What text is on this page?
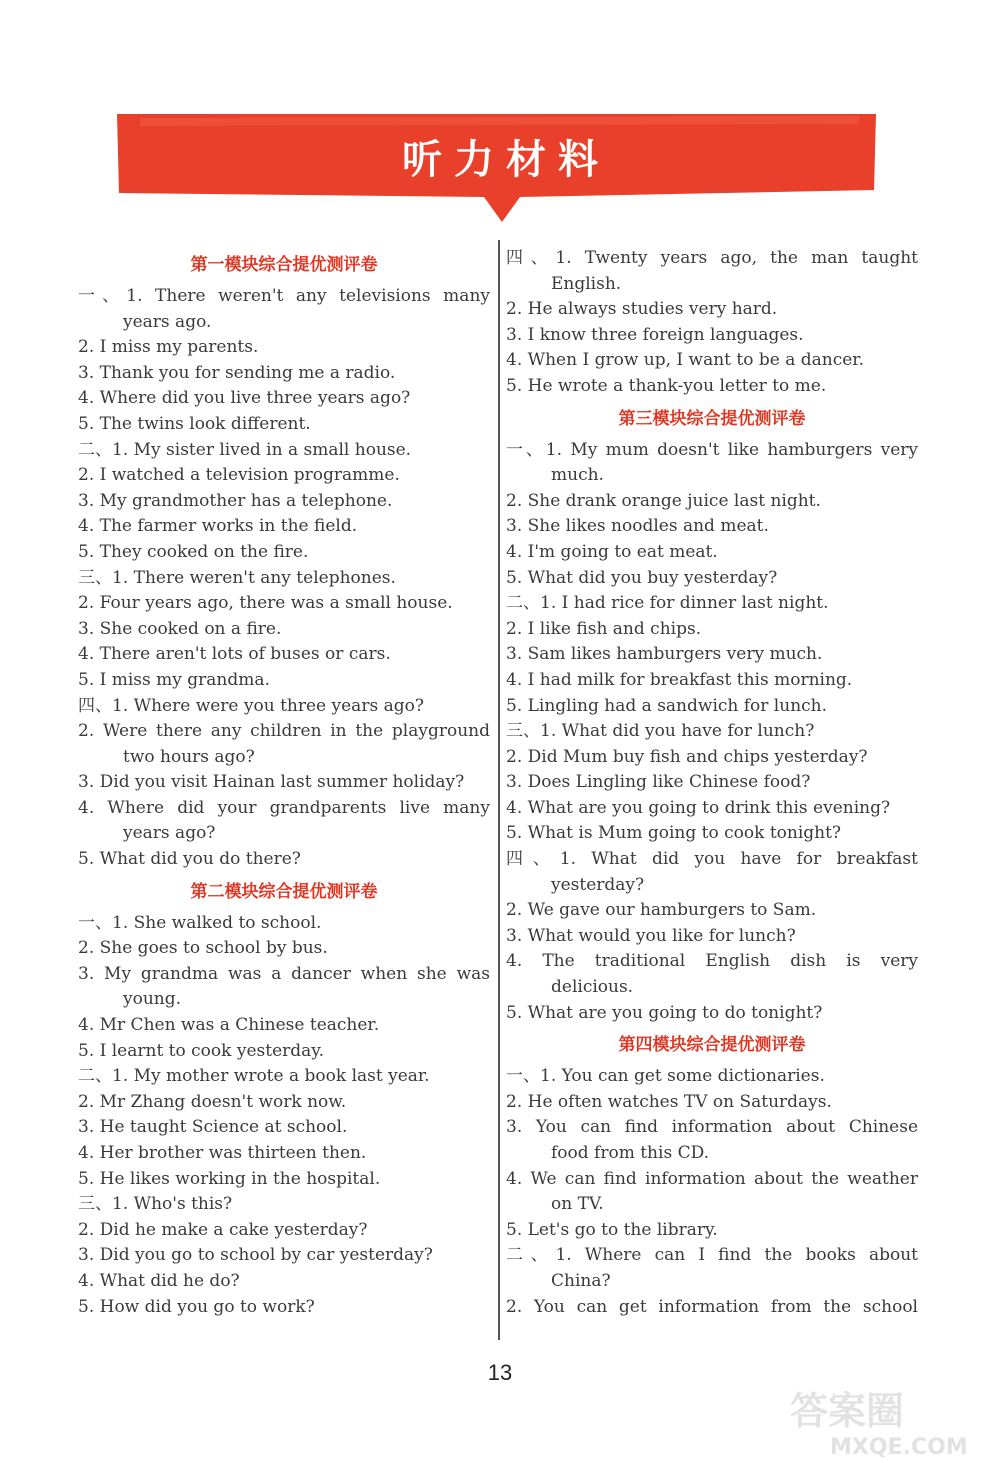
听力材料
第一模块综合提优测评卷
一、1. There weren't any televisions many
years ago.
2. I miss my parents.
3. Thank you for sending me a radio.
4. Where did you live three years ago?
5. The twins look different.
二、1. My sister lived in a small house.
2. I watched a television programme.
3. My grandmother has a telephone.
4. The farmer works in the field.
5. They cooked on the fire.
三、1. There weren't any telephones.
2. Four years ago, there was a small house.
3. She cooked on a fire.
4. There aren't lots of buses or cars.
5. I miss my grandma.
四、1. Where were you three years ago?
2. Were there any children in the playground
two hours ago?
3. Did you visit Hainan last summer holiday?
4. Where did your grandparents live many
years ago?
5. What did you do there?
第二模块综合提优测评卷
一、1. She walked to school.
2. She goes to school by bus.
3. My grandma was a dancer when she was
young.
4. Mr Chen was a Chinese teacher.
5. I learnt to cook yesterday.
二、1. My mother wrote a book last year.
2. Mr Zhang doesn't work now.
3. He taught Science at school.
4. Her brother was thirteen then.
5. He likes working in the hospital.
三、1. Who's this?
2. Did he make a cake yesterday?
3. Did you go to school by car yesterday?
4. What did he do?
5. How did you go to work?
四、1. Twenty years ago, the man taught
English.
2. He always studies very hard.
3. I know three foreign languages.
4. When I grow up, I want to be a dancer.
5. He wrote a thank-you letter to me.
第三模块综合提优测评卷
一、1. My mum doesn't like hamburgers very
much.
2. She drank orange juice last night.
3. She likes noodles and meat.
4. I'm going to eat meat.
5. What did you buy yesterday?
二、1. I had rice for dinner last night.
2. I like fish and chips.
3. Sam likes hamburgers very much.
4. I had milk for breakfast this morning.
5. Lingling had a sandwich for lunch.
三、1. What did you have for lunch?
2. Did Mum buy fish and chips yesterday?
3. Does Lingling like Chinese food?
4. What are you going to drink this evening?
5. What is Mum going to cook tonight?
四、1. What did you have for breakfast
yesterday?
2. We gave our hamburgers to Sam.
3. What would you like for lunch?
4. The traditional English dish is very
delicious.
5. What are you going to do tonight?
第四模块综合提优测评卷
一、1. You can get some dictionaries.
2. He often watches TV on Saturdays.
3. You can find information about Chinese
food from this CD.
4. We can find information about the weather
on TV.
5. Let's go to the library.
二、1. Where can I find the books about
China?
2. You can get information from the school
13
答案圈
MXQE.COM
